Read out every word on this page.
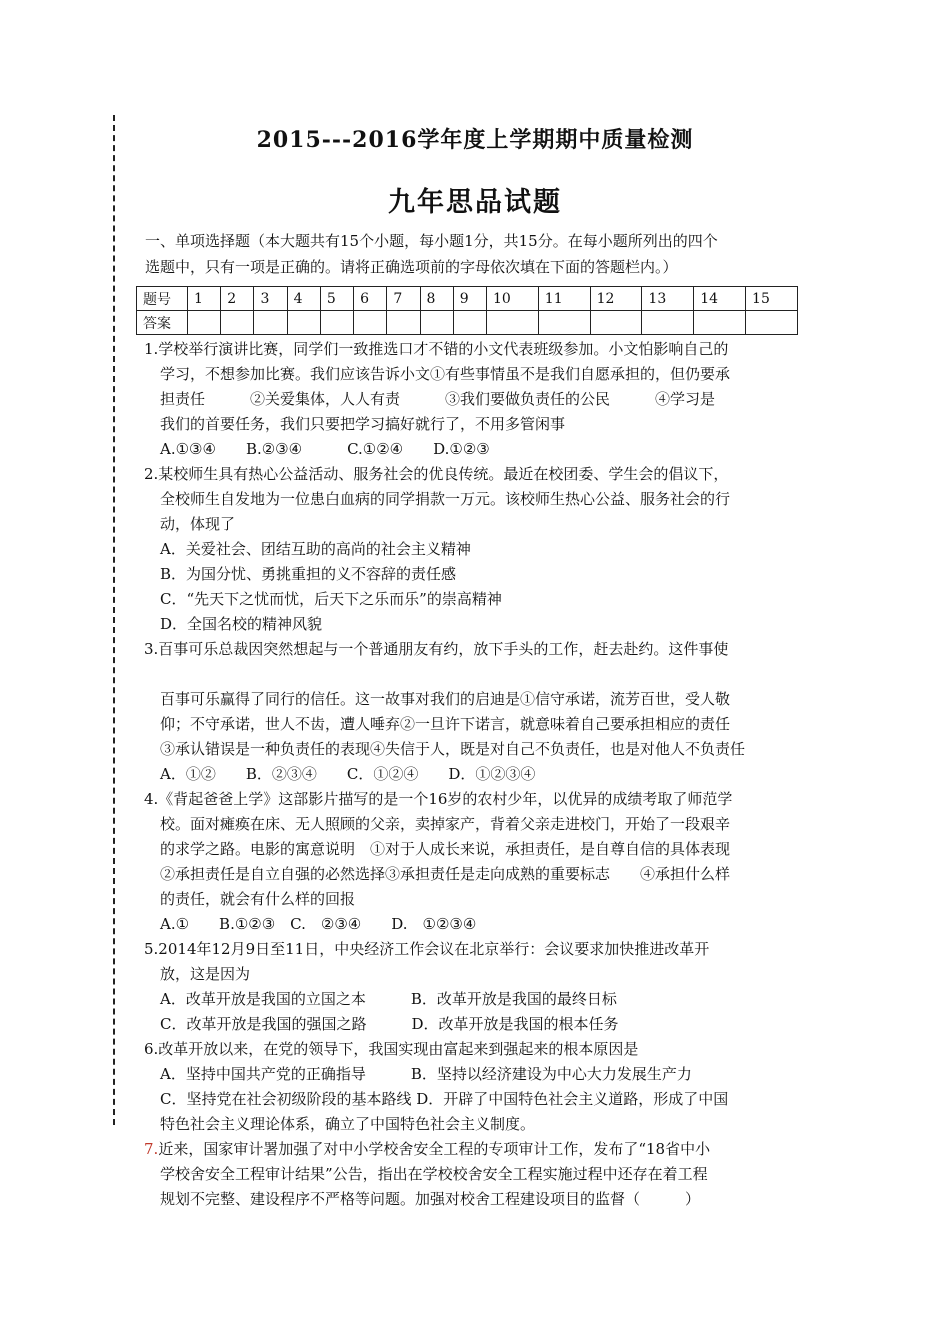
2015---2016学年度上学期期中质量检测
九年思品试题
一、单项选择题（本大题共有15个小题，每小题1分，共15分。在每小题所列出的四个
选题中，只有一项是正确的。请将正确选项前的字母依次填在下面的答题栏内。）
题号	1	2	3	4	5	6	7	8	9	10	11	12	13	14	15
答案															

1.学校举行演讲比赛，同学们一致推选口才不错的小文代表班级参加。小文怕影响自己的

学习，不想参加比赛。我们应该告诉小文①有些事情虽不是我们自愿承担的，但仍要承

担责任　　　②关爱集体，人人有责　　　③我们要做负责任的公民　　　④学习是

我们的首要任务，我们只要把学习搞好就行了，不用多管闲事

A.①③④　　B.②③④　　　C.①②④　　D.①②③

2.某校师生具有热心公益活动、服务社会的优良传统。最近在校团委、学生会的倡议下，

全校师生自发地为一位患白血病的同学捐款一万元。该校师生热心公益、服务社会的行

动，体现了

A．关爱社会、团结互助的高尚的社会主义精神

B．为国分忧、勇挑重担的义不容辞的责任感

C．“先天下之忧而忧，后天下之乐而乐”的崇高精神

D．全国名校的精神风貌

3.百事可乐总裁因突然想起与一个普通朋友有约，放下手头的工作，赶去赴约。这件事使

百事可乐赢得了同行的信任。这一故事对我们的启迪是①信守承诺，流芳百世，受人敬

仰；不守承诺，世人不齿，遭人唾弃②一旦许下诺言，就意味着自己要承担相应的责任

③承认错误是一种负责任的表现④失信于人，既是对自己不负责任，也是对他人不负责任

A．①②　　B．②③④　　C．①②④　　D．①②③④

4.《背起爸爸上学》这部影片描写的是一个16岁的农村少年，以优异的成绩考取了师范学

校。面对瘫痪在床、无人照顾的父亲，卖掉家产，背着父亲走进校门，开始了一段艰辛

的求学之路。电影的寓意说明　①对于人成长来说，承担责任，是自尊自信的具体表现

②承担责任是自立自强的必然选择③承担责任是走向成熟的重要标志　　④承担什么样

的责任，就会有什么样的回报

A.①　　B.①②③　C.　②③④　　D.　①②③④

5.2014年12月9日至11日，中央经济工作会议在北京举行：会议要求加快推进改革开

放，这是因为

A．改革开放是我国的立国之本　　　B．改革开放是我国的最终日标

C．改革开放是我国的强国之路　　　D．改革开放是我国的根本任务

6.改革开放以来，在党的领导下，我国实现由富起来到强起来的根本原因是

A．坚持中国共产党的正确指导　　　B．坚持以经济建设为中心大力发展生产力

C．坚持党在社会初级阶段的基本路线 D．开辟了中国特色社会主义道路，形成了中国

特色社会主义理论体系，确立了中国特色社会主义制度。

7.近来，国家审计署加强了对中小学校舍安全工程的专项审计工作，发布了“18省中小

学校舍安全工程审计结果”公告，指出在学校校舍安全工程实施过程中还存在着工程

规划不完整、建设程序不严格等问题。加强对校舍工程建设项目的监督（　　　）
